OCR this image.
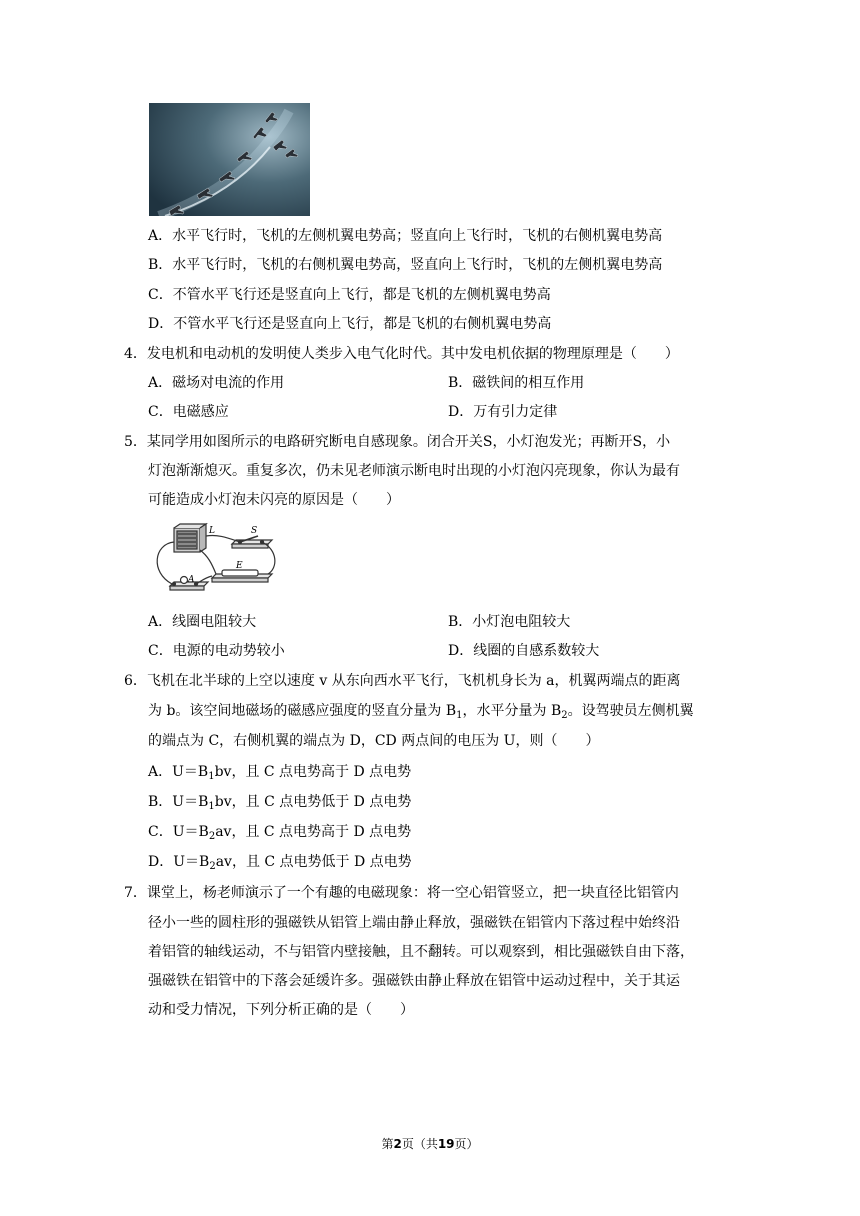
A．水平飞行时，飞机的左侧机翼电势高；竖直向上飞行时，飞机的右侧机翼电势高
B．水平飞行时，飞机的右侧机翼电势高，竖直向上飞行时，飞机的左侧机翼电势高
C．不管水平飞行还是竖直向上飞行，都是飞机的左侧机翼电势高
D．不管水平飞行还是竖直向上飞行，都是飞机的右侧机翼电势高
4．发电机和电动机的发明使人类步入电气化时代。其中发电机依据的物理原理是（　　）
A．磁场对电流的作用	B．磁铁间的相互作用
C．电磁感应	D．万有引力定律
5．某同学用如图所示的电路研究断电自感现象。闭合开关S，小灯泡发光；再断开S，小
灯泡渐渐熄灭。重复多次，仍未见老师演示断电时出现的小灯泡闪亮现象，你认为最有
可能造成小灯泡未闪亮的原因是（　　）
L	S
A
E
A．线圈电阻较大	B．小灯泡电阻较大
C．电源的电动势较小	D．线圈的自感系数较大
6．飞机在北半球的上空以速度 v 从东向西水平飞行，飞机机身长为 a，机翼两端点的距离
为 b。该空间地磁场的磁感应强度的竖直分量为 $B_1$，水平分量为 $B_2$。设驾驶员左侧机翼
的端点为 C，右侧机翼的端点为 D，CD 两点间的电压为 U，则（　　）
A．$U=B_1bv$，且 C 点电势高于 D 点电势
B．$U=B_1bv$，且 C 点电势低于 D 点电势
C．$U=B_2av$，且 C 点电势高于 D 点电势
D．$U=B_2av$，且 C 点电势低于 D 点电势
7．课堂上，杨老师演示了一个有趣的电磁现象：将一空心铝管竖立，把一块直径比铝管内
径小一些的圆柱形的强磁铁从铝管上端由静止释放，强磁铁在铝管内下落过程中始终沿
着铝管的轴线运动，不与铝管内壁接触，且不翻转。可以观察到，相比强磁铁自由下落，
强磁铁在铝管中的下落会延缓许多。强磁铁由静止释放在铝管中运动过程中，关于其运
动和受力情况，下列分析正确的是（　　）
第2页（共19页）
